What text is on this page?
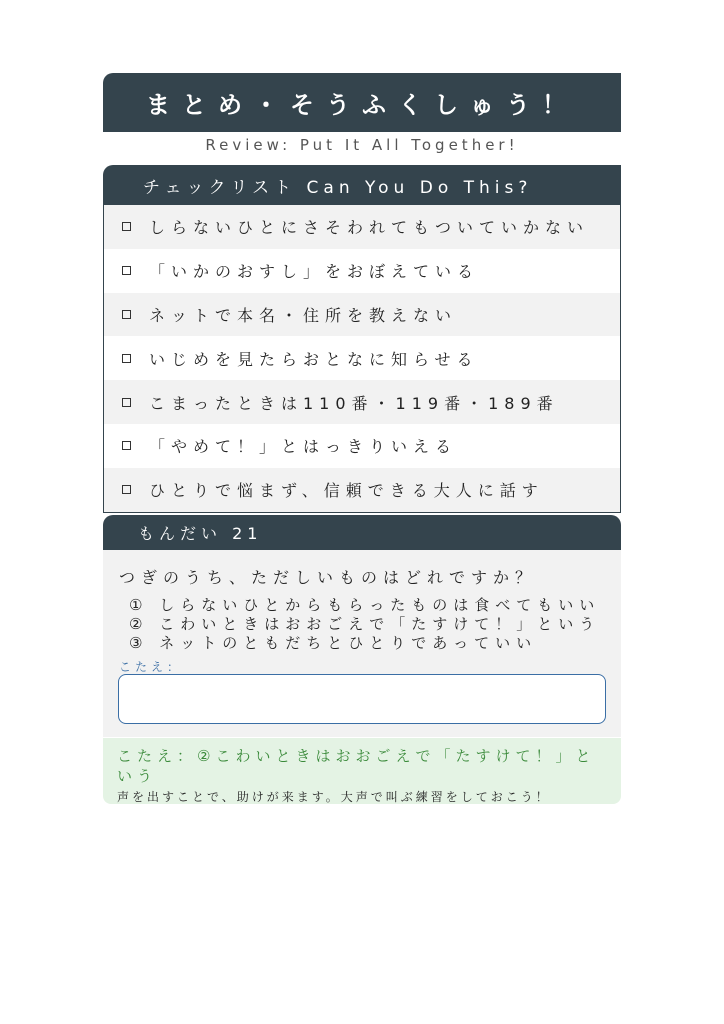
まとめ・そうふくしゅう！
Review: Put It All Together!
チェックリスト Can You Do This?
しらないひとにさそわれてもついていかない
「いかのおすし」をおぼえている
ネットで本名・住所を教えない
いじめを見たらおとなに知らせる
こまったときは110番・119番・189番
「やめて！」とはっきりいえる
ひとりで悩まず、信頼できる大人に話す
もんだい 21
つぎのうち、ただしいものはどれですか？
① しらないひとからもらったものは食べてもいい
② こわいときはおおごえで「たすけて！」という
③ ネットのともだちとひとりであっていい
こたえ：
こたえ：②こわいときはおおごえで「たすけて！」という
声を出すことで、助けが来ます。大声で叫ぶ練習をしておこう！
